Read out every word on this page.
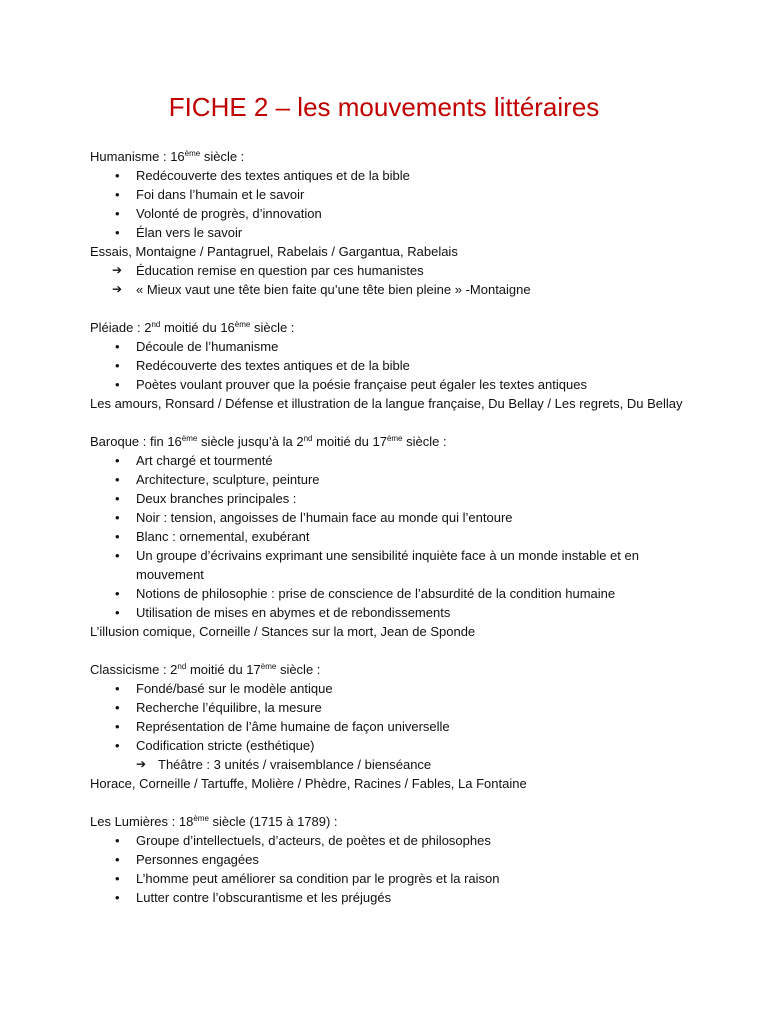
FICHE 2 – les mouvements littéraires

Humanisme : 16ème siècle :

• Redécouverte des textes antiques et de la bible
• Foi dans l’humain et le savoir
• Volonté de progrès, d’innovation
• Élan vers le savoir

Essais, Montaigne / Pantagruel, Rabelais / Gargantua, Rabelais

➔ Éducation remise en question par ces humanistes

➔ « Mieux vaut une tête bien faite qu’une tête bien pleine » -Montaigne

Pléiade : 2nd moitié du 16ème siècle :

• Découle de l’humanisme
• Redécouverte des textes antiques et de la bible
• Poètes voulant prouver que la poésie française peut égaler les textes antiques

Les amours, Ronsard / Défense et illustration de la langue française, Du Bellay / Les regrets, Du Bellay

Baroque : fin 16ème siècle jusqu’à la 2nd moitié du 17ème siècle :

• Art chargé et tourmenté
• Architecture, sculpture, peinture
• Deux branches principales :
• Noir : tension, angoisses de l’humain face au monde qui l’entoure
• Blanc : ornemental, exubérant
• Un groupe d’écrivains exprimant une sensibilité inquiète face à un monde instable et en mouvement
• Notions de philosophie : prise de conscience de l’absurdité de la condition humaine
• Utilisation de mises en abymes et de rebondissements

L’illusion comique, Corneille / Stances sur la mort, Jean de Sponde

Classicisme : 2nd moitié du 17ème siècle :

• Fondé/basé sur le modèle antique
• Recherche l’équilibre, la mesure
• Représentation de l’âme humaine de façon universelle
• Codification stricte (esthétique)

➔ Théâtre : 3 unités / vraisemblance / bienséance

Horace, Corneille / Tartuffe, Molière / Phèdre, Racines / Fables, La Fontaine

Les Lumières : 18ème siècle (1715 à 1789) :

• Groupe d’intellectuels, d’acteurs, de poètes et de philosophes
• Personnes engagées
• L’homme peut améliorer sa condition par le progrès et la raison
• Lutter contre l’obscurantisme et les préjugés
